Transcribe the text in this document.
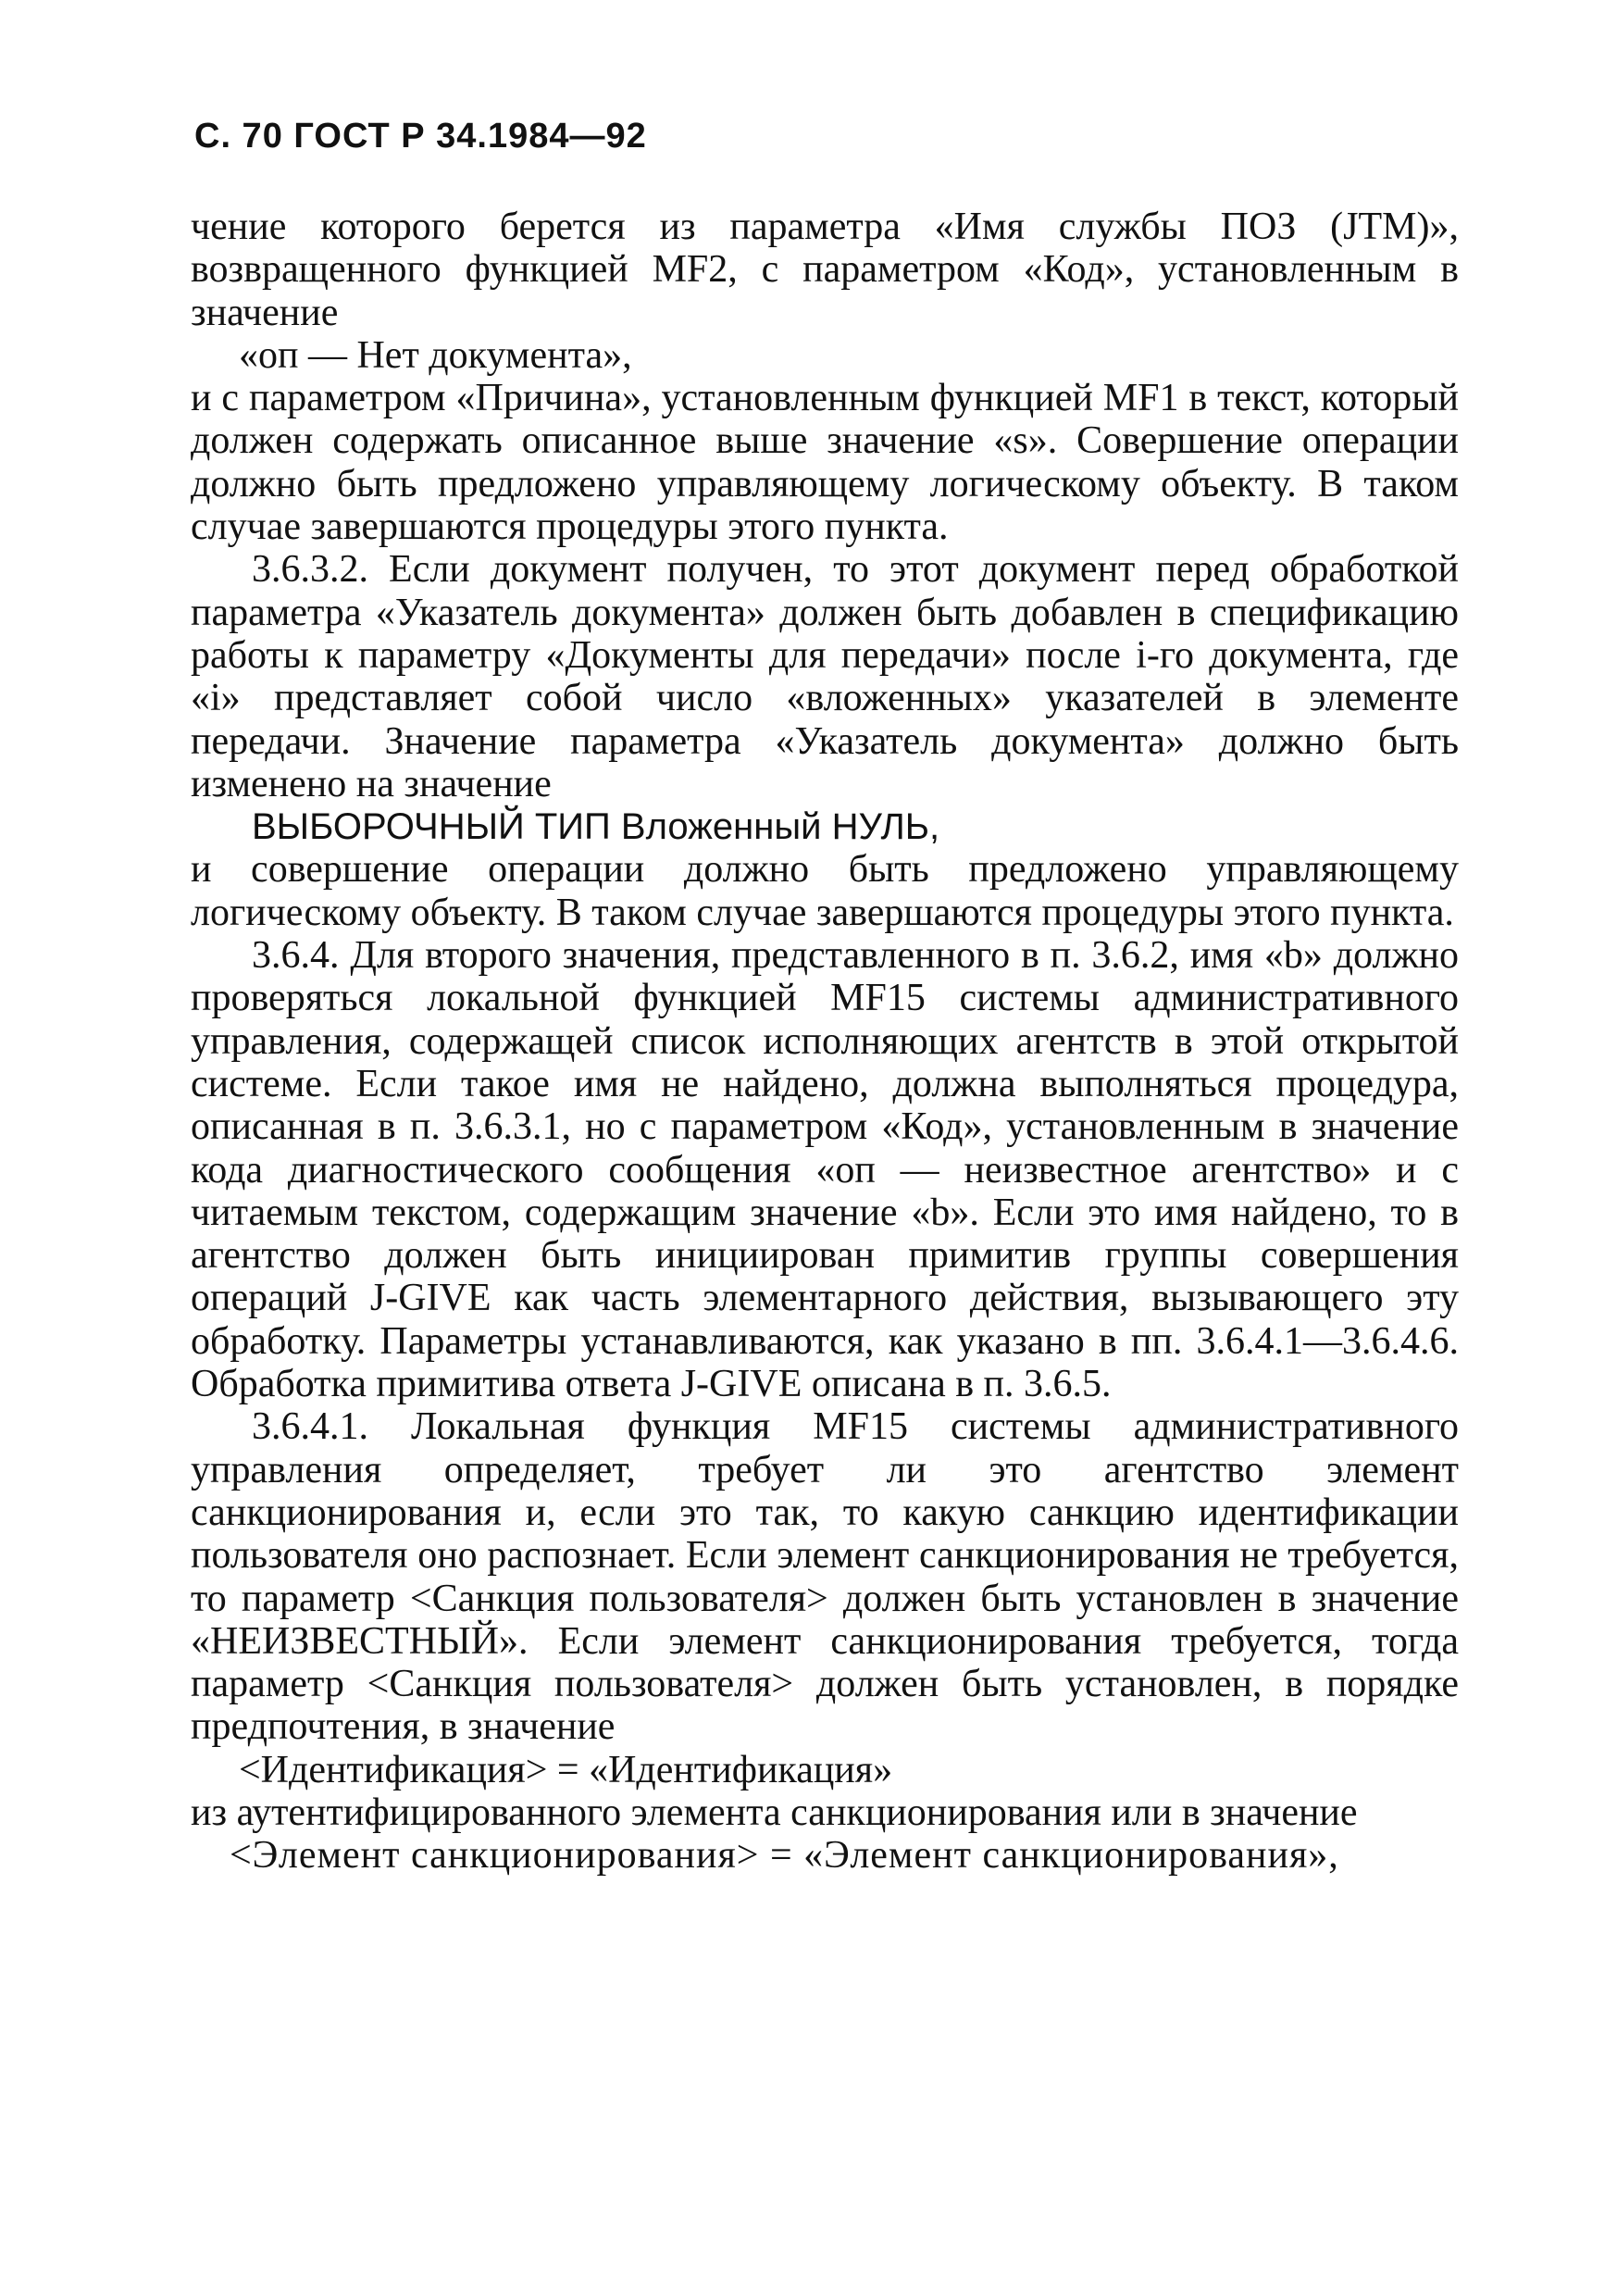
С. 70 ГОСТ Р 34.1984—92

чение которого берется из параметра «Имя службы ПОЗ (JTM)», возвращенного функцией MF2, с параметром «Код», установленным в значение

«оп — Нет документа»,

и с параметром «Причина», установленным функцией MF1 в текст, который должен содержать описанное выше значение «s». Совершение операции должно быть предложено управляющему логическому объекту. В таком случае завершаются процедуры этого пункта.

3.6.3.2. Если документ получен, то этот документ перед обработкой параметра «Указатель документа» должен быть добавлен в спецификацию работы к параметру «Документы для передачи» после i-го документа, где «i» представляет собой число «вложенных» указателей в элементе передачи. Значение параметра «Указатель документа» должно быть изменено на значение

ВЫБОРОЧНЫЙ ТИП Вложенный НУЛЬ,

и совершение операции должно быть предложено управляющему логическому объекту. В таком случае завершаются процедуры этого пункта.

3.6.4. Для второго значения, представленного в п. 3.6.2, имя «b» должно проверяться локальной функцией MF15 системы административного управления, содержащей список исполняющих агентств в этой открытой системе. Если такое имя не найдено, должна выполняться процедура, описанная в п. 3.6.3.1, но с параметром «Код», установленным в значение кода диагностического сообщения «оп — неизвестное агентство» и с читаемым текстом, содержащим значение «b». Если это имя найдено, то в агентство должен быть инициирован примитив группы совершения операций J-GIVE как часть элементарного действия, вызывающего эту обработку. Параметры устанавливаются, как указано в пп. 3.6.4.1—3.6.4.6. Обработка примитива ответа J-GIVE описана в п. 3.6.5.

3.6.4.1. Локальная функция MF15 системы административного управления определяет, требует ли это агентство элемент санкционирования и, если это так, то какую санкцию идентификации пользователя оно распознает. Если элемент санкционирования не требуется, то параметр <Санкция пользователя> должен быть установлен в значение «НЕИЗВЕСТНЫЙ». Если элемент санкционирования требуется, тогда параметр <Санкция пользователя> должен быть установлен, в порядке предпочтения, в значение

<Идентификация> = «Идентификация»

из аутентифицированного элемента санкционирования или в значение

<Элемент санкционирования> = «Элемент санкционирования»,
